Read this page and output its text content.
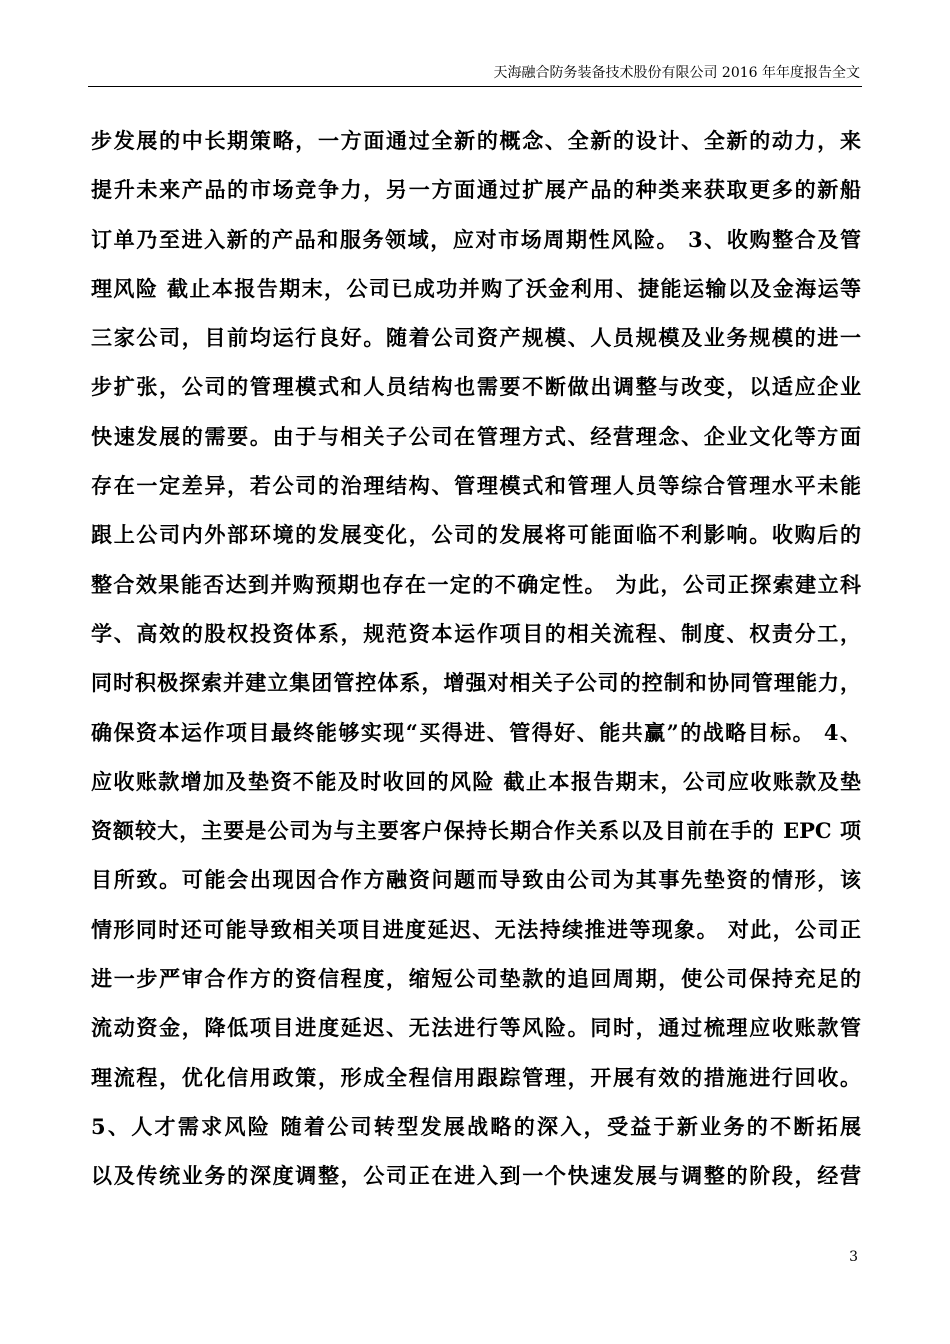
天海融合防务装备技术股份有限公司 2016 年年度报告全文
步发展的中长期策略，一方面通过全新的概念、全新的设计、全新的动力，来
提升未来产品的市场竞争力，另一方面通过扩展产品的种类来获取更多的新船
订单乃至进入新的产品和服务领域，应对市场周期性风险。 3、收购整合及管
理风险 截止本报告期末，公司已成功并购了沃金利用、捷能运输以及金海运等
三家公司，目前均运行良好。随着公司资产规模、人员规模及业务规模的进一
步扩张，公司的管理模式和人员结构也需要不断做出调整与改变，以适应企业
快速发展的需要。由于与相关子公司在管理方式、经营理念、企业文化等方面
存在一定差异，若公司的治理结构、管理模式和管理人员等综合管理水平未能
跟上公司内外部环境的发展变化，公司的发展将可能面临不利影响。收购后的
整合效果能否达到并购预期也存在一定的不确定性。 为此，公司正探索建立科
学、高效的股权投资体系，规范资本运作项目的相关流程、制度、权责分工，
同时积极探索并建立集团管控体系，增强对相关子公司的控制和协同管理能力，
确保资本运作项目最终能够实现“买得进、管得好、能共赢”的战略目标。 4、
应收账款增加及垫资不能及时收回的风险 截止本报告期末，公司应收账款及垫
资额较大，主要是公司为与主要客户保持长期合作关系以及目前在手的 EPC 项
目所致。可能会出现因合作方融资问题而导致由公司为其事先垫资的情形，该
情形同时还可能导致相关项目进度延迟、无法持续推进等现象。 对此，公司正
进一步严审合作方的资信程度，缩短公司垫款的追回周期，使公司保持充足的
流动资金，降低项目进度延迟、无法进行等风险。同时，通过梳理应收账款管
理流程，优化信用政策，形成全程信用跟踪管理，开展有效的措施进行回收。
5、人才需求风险 随着公司转型发展战略的深入，受益于新业务的不断拓展
以及传统业务的深度调整，公司正在进入到一个快速发展与调整的阶段，经营
3
